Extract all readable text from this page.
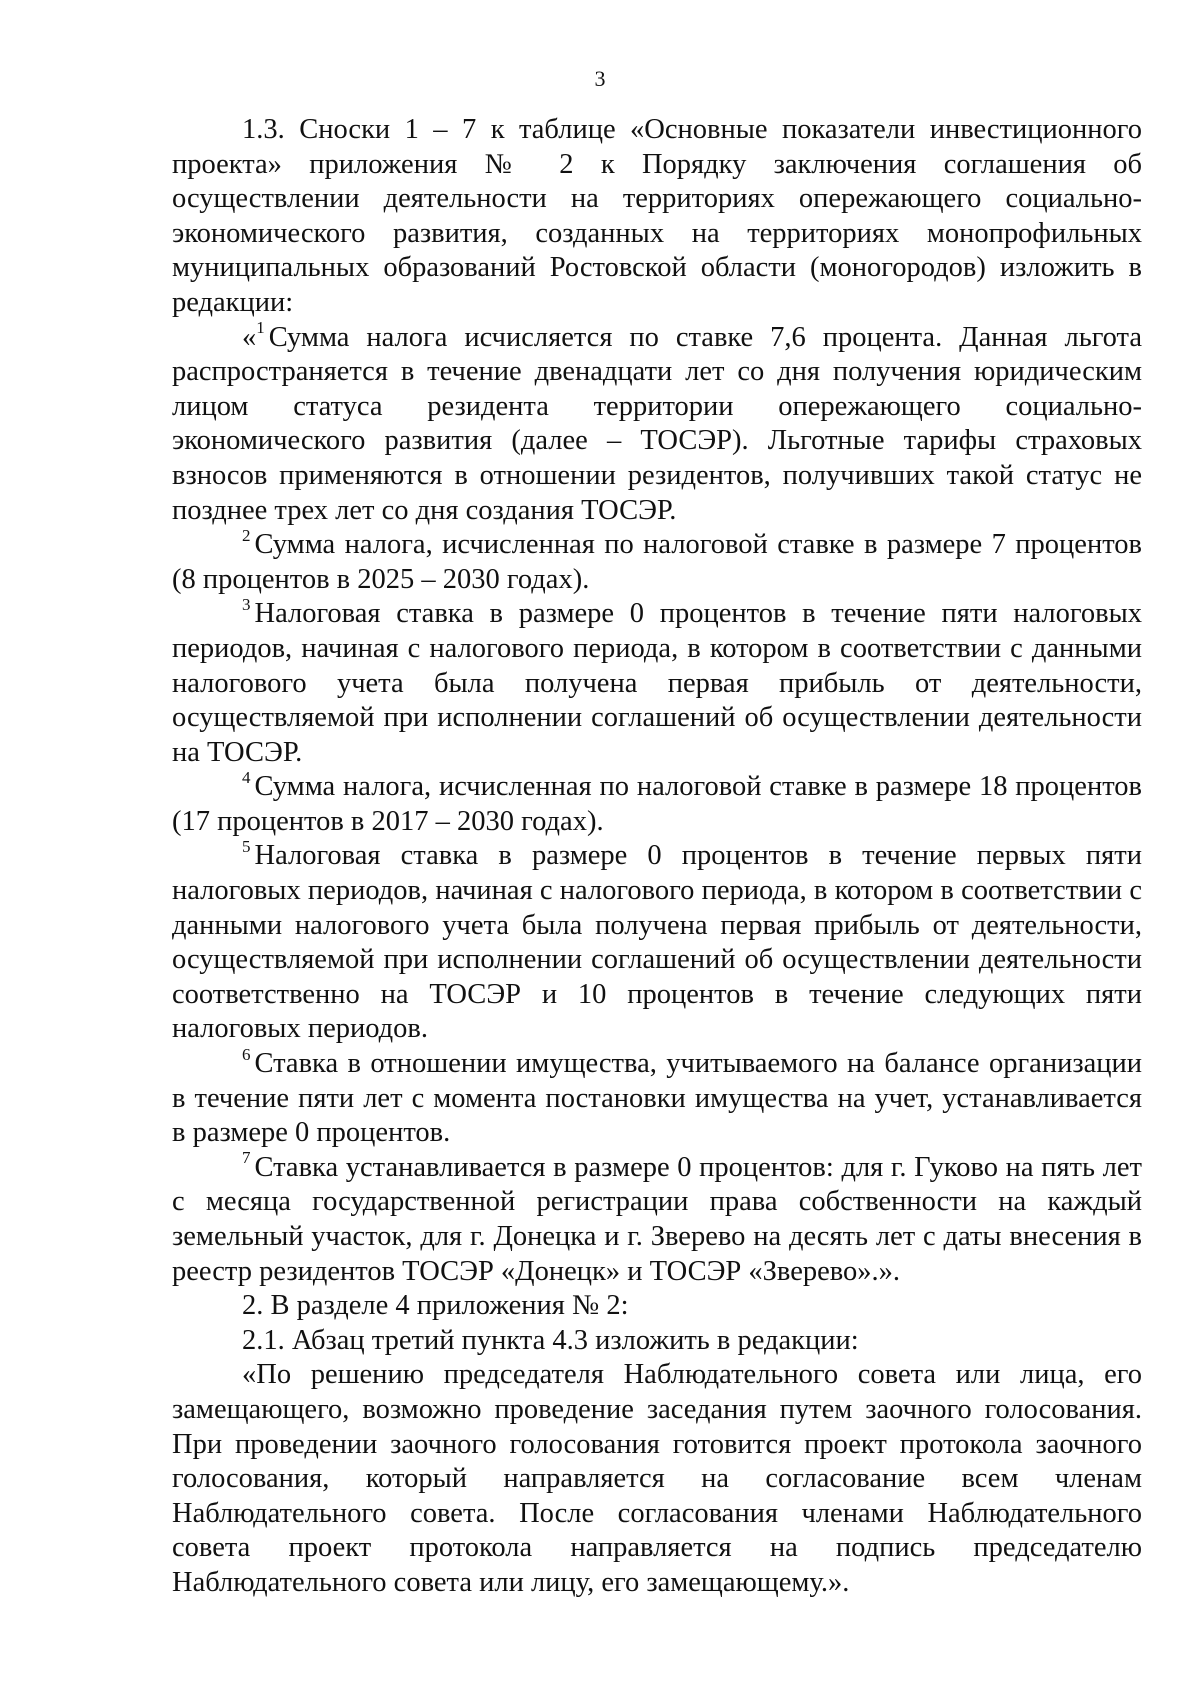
3

1.3. Сноски 1 – 7 к таблице «Основные показатели инвестиционного проекта» приложения № 2 к Порядку заключения соглашения об осуществлении деятельности на территориях опережающего социально-экономического развития, созданных на территориях монопрофильных муниципальных образований Ростовской области (моногородов) изложить в редакции:

«$^1$ Сумма налога исчисляется по ставке 7,6 процента. Данная льгота распространяется в течение двенадцати лет со дня получения юридическим лицом статуса резидента территории опережающего социально-экономического развития (далее – ТОСЭР). Льготные тарифы страховых взносов применяются в отношении резидентов, получивших такой статус не позднее трех лет со дня создания ТОСЭР.

$^2$ Сумма налога, исчисленная по налоговой ставке в размере 7 процентов (8 процентов в 2025 – 2030 годах).

$^3$ Налоговая ставка в размере 0 процентов в течение пяти налоговых периодов, начиная с налогового периода, в котором в соответствии с данными налогового учета была получена первая прибыль от деятельности, осуществляемой при исполнении соглашений об осуществлении деятельности на ТОСЭР.

$^4$ Сумма налога, исчисленная по налоговой ставке в размере 18 процентов (17 процентов в 2017 – 2030 годах).

$^5$ Налоговая ставка в размере 0 процентов в течение первых пяти налоговых периодов, начиная с налогового периода, в котором в соответствии с данными налогового учета была получена первая прибыль от деятельности, осуществляемой при исполнении соглашений об осуществлении деятельности соответственно на ТОСЭР и 10 процентов в течение следующих пяти налоговых периодов.

$^6$ Ставка в отношении имущества, учитываемого на балансе организации в течение пяти лет с момента постановки имущества на учет, устанавливается в размере 0 процентов.

$^7$ Ставка устанавливается в размере 0 процентов: для г. Гуково на пять лет с месяца государственной регистрации права собственности на каждый земельный участок, для г. Донецка и г. Зверево на десять лет с даты внесения в реестр резидентов ТОСЭР «Донецк» и ТОСЭР «Зверево».».

2. В разделе 4 приложения № 2:

2.1. Абзац третий пункта 4.3 изложить в редакции:

«По решению председателя Наблюдательного совета или лица, его замещающего, возможно проведение заседания путем заочного голосования. При проведении заочного голосования готовится проект протокола заочного голосования, который направляется на согласование всем членам Наблюдательного совета. После согласования членами Наблюдательного совета проект протокола направляется на подпись председателю Наблюдательного совета или лицу, его замещающему.».
